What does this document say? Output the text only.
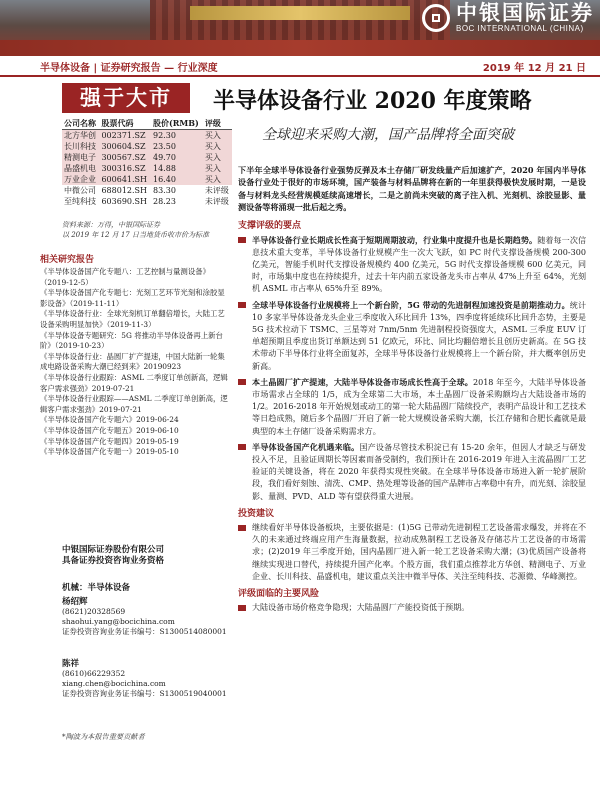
中银国际证券
BOC INTERNATIONAL (CHINA)
半导体设备 | 证券研究报告 — 行业深度	2019 年 12 月 21 日
强于大市	半导体设备行业 2020 年度策略
全球迎来采购大潮，国产品牌将全面突破
公司名称	股票代码	股价(RMB)	评级
北方华创	002371.SZ	92.30	买入
长川科技	300604.SZ	23.50	买入
精测电子	300567.SZ	49.70	买入
晶盛机电	300316.SZ	14.88	买入
万业企业	600641.SH	16.40	买入
中微公司	688012.SH	83.30	未评级
至纯科技	603690.SH	28.23	未评级
资料来源：万得，中银国际证券
以 2019 年 12 月 17 日当地货币收市价为标准
相关研究报告
《半导体设备国产化专题八：工艺控制与量测设备》（2019-12-5）
《半导体设备国产化专题七：光刻工艺环节光刻和涂胶显影设备》（2019-11-11）
《半导体设备行业：全球光刻机订单翻倍增长，大陆工艺设备采购明显加快》（2019-11-3）
《半导体设备专题研究：5G 将推动半导体设备再上新台阶》（2019-10-23）
《半导体设备行业：晶圆厂扩产提速，中国大陆新一轮集成电路设备采购大潮已经到来》20190923
《半导体设备行业跟踪：ASML 二季度订单创新高，逻辑客户需求强劲》2019-07-21
《半导体设备行业跟踪——ASML 二季度订单创新高，逻辑客户需求强劲》2019-07-21
《半导体设备国产化专题六》2019-06-24
《半导体设备国产化专题五》2019-06-10
《半导体设备国产化专题四》2019-05-19
《半导体设备国产化专题一》2019-05-10
中银国际证券股份有限公司
具备证券投资咨询业务资格
机械：半导体设备
杨绍辉
(8621)20328569
shaohui.yang@bocichina.com
证券投资咨询业务证书编号：S1300514080001
陈祥
(8610)66229352
xiang.chen@bocichina.com
证券投资咨询业务证书编号：S1300519040001
*陶波为本报告重要贡献者

下半年全球半导体设备行业强势反弹及本土存储厂研发线量产后加速扩产，2020 年国内半导体设备行业处于很好的市场环境，国产装备与材料品牌将在新的一年里获得极快发展时期，一是设备与材料龙头经营规模延续高速增长，二是之前尚未突破的离子注入机、光刻机、涂胶显影、量测设备等将涌现一批后起之秀。

支撑评级的要点
半导体设备行业长期成长性高于短期周期波动，行业集中度提升也是长期趋势。随着每一次信息技术重大变革，半导体设备行业规模产生一次大飞跃，如 PC 时代支撑设备规模 200-300 亿美元，智能手机时代支撑设备规模约 400 亿美元，5G 时代支撑设备规模 600 亿美元，同时，市场集中度也在持续提升，过去十年内前五家设备龙头市占率从 47%上升至 64%，光刻机 ASML 市占率从 65%升至 89%。
全球半导体设备行业规模将上一个新台阶，5G 带动的先进制程加速投资是前期推动力。统计 10 多家半导体设备龙头企业三季度收入环比回升 13%，四季度将延续环比回升态势，主要是 5G 技术拉动下 TSMC、三星等对 7nm/5nm 先进制程投资强度大，ASML 三季度 EUV 订单超预期且季度出货订单额达到 51 亿欧元，环比、同比均翻倍增长且创历史新高。在 5G 技术带动下半导体行业将全面复苏，全球半导体设备行业规模将上一个新台阶，并大概率创历史新高。
本土晶圆厂扩产提速，大陆半导体设备市场成长性高于全球。2018 年至今，大陆半导体设备市场需求占全球的 1/5，成为全球第二大市场，本土晶圆厂设备采购额均占大陆设备市场的 1/2。2016-2018 年开始规划或动工的第一轮大陆晶圆厂陆续投产，表明产品设计和工艺技术等日趋成熟，随后多个晶圆厂开启了新一轮大规模设备采购大潮，长江存储和合肥长鑫就是最典型的本土存储厂设备采购需求方。
半导体设备国产化机遇来临。国产设备尽管技术积淀已有 15-20 余年，但因人才缺乏与研发投入不足，且验证周期长等因素而备受制约，我们预计在 2016-2019 年进入主流晶圆厂工艺验证的关键设备，将在 2020 年获得实现性突破。在全球半导体设备市场进入新一轮扩展阶段，我们看好刻蚀、清洗、CMP、热处理等设备的国产品牌市占率稳中有升，而光刻、涂胶显影、量测、PVD、ALD 等有望获得重大进展。
投资建议
继续看好半导体设备板块，主要依据是：(1)5G 已带动先进制程工艺设备需求爆发，并将在不久的未来通过终端应用产生海量数据，拉动成熟制程工艺设备及存储芯片工艺设备的市场需求；(2)2019 年三季度开始，国内晶圆厂进入新一轮工艺设备采购大潮；(3)优质国产设备将继续实现进口替代，持续提升国产化率。个股方面，我们重点推荐北方华创、精测电子、万业企业、长川科技、晶盛机电，建议重点关注中微半导体、关注至纯科技、芯源微、华峰测控。
评级面临的主要风险
大陆设备市场价格竞争隐现；大陆晶圆厂产能投资低于预期。
